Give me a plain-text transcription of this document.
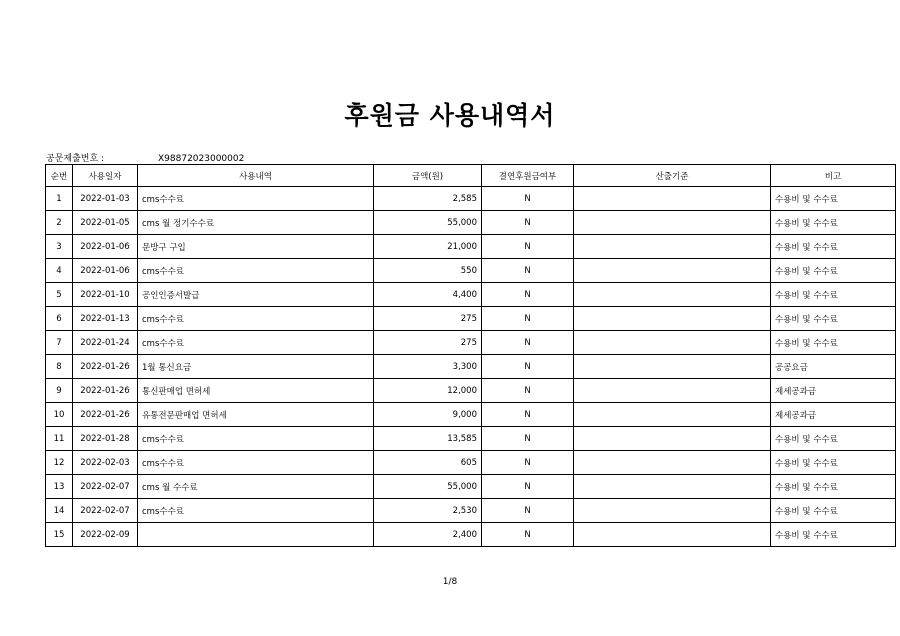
후원금 사용내역서
공문제출번호 :	X98872023000002
순번	사용일자	사용내역	금액(원)	결연후원금여부	산출기준	비고
1	2022-01-03	cms수수료	2,585	N		수용비 및 수수료
2	2022-01-05	cms 월 정기수수료	55,000	N		수용비 및 수수료
3	2022-01-06	문방구 구입	21,000	N		수용비 및 수수료
4	2022-01-06	cms수수료	550	N		수용비 및 수수료
5	2022-01-10	공인인증서발급	4,400	N		수용비 및 수수료
6	2022-01-13	cms수수료	275	N		수용비 및 수수료
7	2022-01-24	cms수수료	275	N		수용비 및 수수료
8	2022-01-26	1월 통신요금	3,300	N		공공요금
9	2022-01-26	통신판매업 면허세	12,000	N		제세공과금
10	2022-01-26	유통전문판매업 면허세	9,000	N		제세공과금
11	2022-01-28	cms수수료	13,585	N		수용비 및 수수료
12	2022-02-03	cms수수료	605	N		수용비 및 수수료
13	2022-02-07	cms 월 수수료	55,000	N		수용비 및 수수료
14	2022-02-07	cms수수료	2,530	N		수용비 및 수수료
15	2022-02-09		2,400	N		수용비 및 수수료
1/8
